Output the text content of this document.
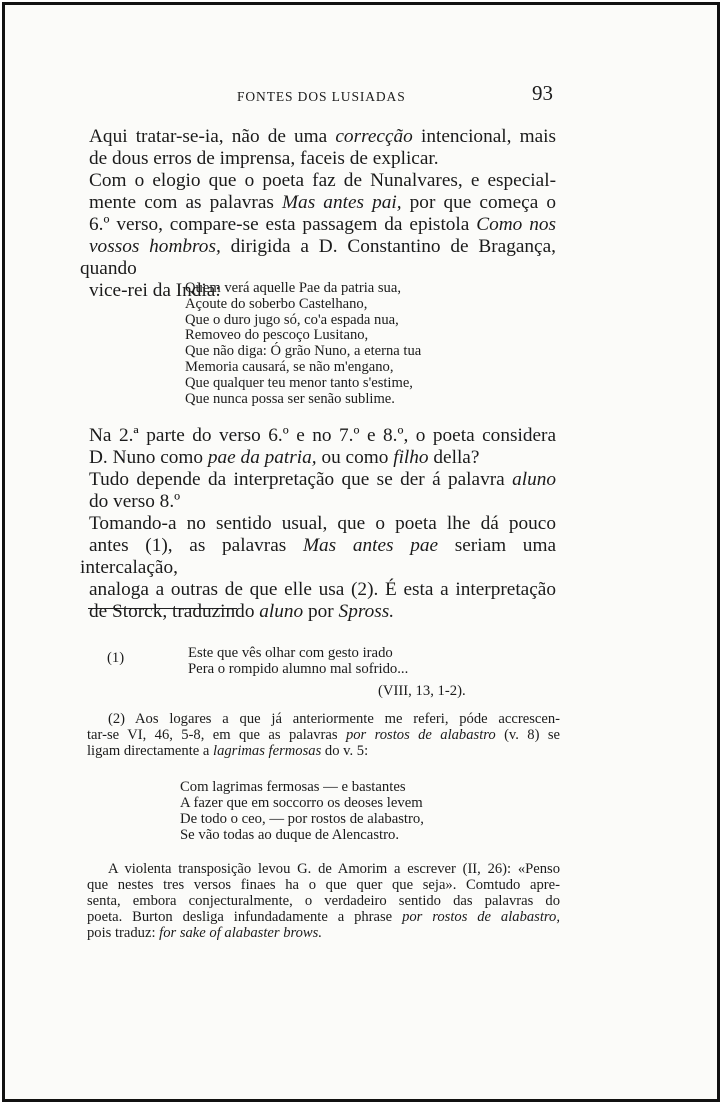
FONTES DOS LUSIADAS	93

Aqui tratar-se-ia, não de uma correcção intencional, mais
de dous erros de imprensa, faceis de explicar.

Com o elogio que o poeta faz de Nunalvares, e especial-
mente com as palavras Mas antes pai, por que começa o
6.º verso, compare-se esta passagem da epistola Como nos
vossos hombros, dirigida a D. Constantino de Bragança, quando
vice-rei da India:

Quem verá aquelle Pae da patria sua,
Açoute do soberbo Castelhano,
Que o duro jugo só, co'a espada nua,
Removeo do pescoço Lusitano,
Que não diga: Ó grão Nuno, a eterna tua
Memoria causará, se não m'engano,
Que qualquer teu menor tanto s'estime,
Que nunca possa ser senão sublime.

Na 2.ª parte do verso 6.º e no 7.º e 8.º, o poeta considera
D. Nuno como pae da patria, ou como filho della?

Tudo depende da interpretação que se der á palavra aluno
do verso 8.º

Tomando-a no sentido usual, que o poeta lhe dá pouco
antes (1), as palavras Mas antes pae seriam uma intercalação,
analoga a outras de que elle usa (2). É esta a interpretação
de Storck, traduzindo aluno por Spross.

(1)	Este que vês olhar com gesto irado
Pera o rompido alumno mal sofrido...
(VIII, 13, 1-2).
(2) Aos logares a que já anteriormente me referi, póde accrescen-
tar-se VI, 46, 5-8, em que as palavras por rostos de alabastro (v. 8) se
ligam directamente a lagrimas fermosas do v. 5:
Com lagrimas fermosas — e bastantes
A fazer que em soccorro os deoses levem
De todo o ceo, — por rostos de alabastro,
Se vão todas ao duque de Alencastro.
A violenta transposição levou G. de Amorim a escrever (II, 26): «Penso
que nestes tres versos finaes ha o que quer que seja». Comtudo apre-
senta, embora conjecturalmente, o verdadeiro sentido das palavras do
poeta. Burton desliga infundadamente a phrase por rostos de alabastro,
pois traduz: for sake of alabaster brows.
